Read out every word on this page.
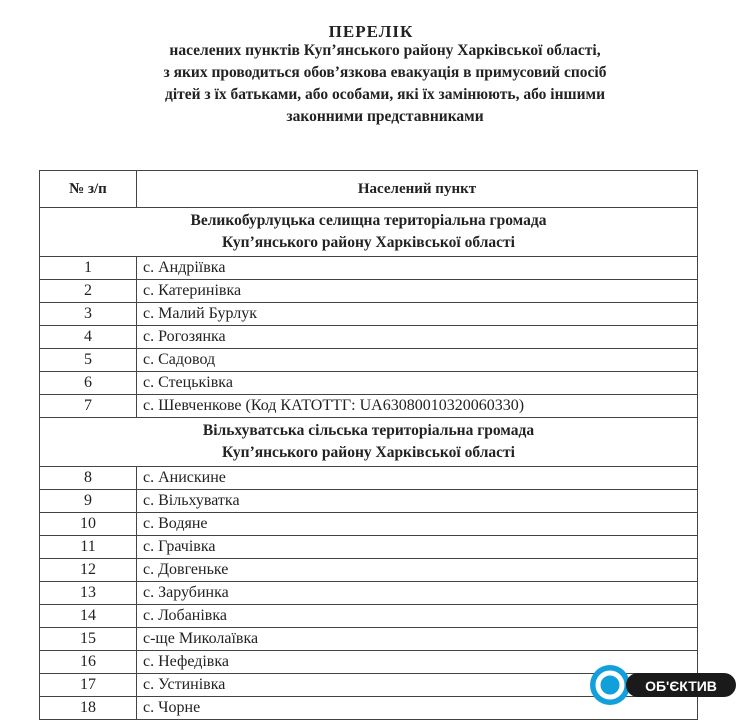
ПЕРЕЛІК
населених пунктів Куп’янського району Харківської області,
з яких проводиться обов’язкова евакуація в примусовий спосіб
дітей з їх батьками, або особами, які їх замінюють, або іншими
законними представниками
№ з/п	Населений пункт

Великобурлуцька селищна територіальна громада
Куп’янського району Харківської області	

1	с. Андріївка
2	с. Катеринівка
3	с. Малий Бурлук
4	с. Рогозянка
5	с. Садовод
6	с. Стецьківка
7	с. Шевченкове (Код КАТОТТГ: UA63080010320060330)

Вільхуватська сільська територіальна громада
Куп’янського району Харківської області	

8	с. Анискине
9	с. Вільхуватка
10	с. Водяне
11	с. Грачівка
12	с. Довгеньке
13	с. Зарубинка
14	с. Лобанівка
15	с-ще Миколаївка
16	с. Нефедівка
17	с. Устинівка
18	с. Чорне
ОБ'ЄКТИВ
